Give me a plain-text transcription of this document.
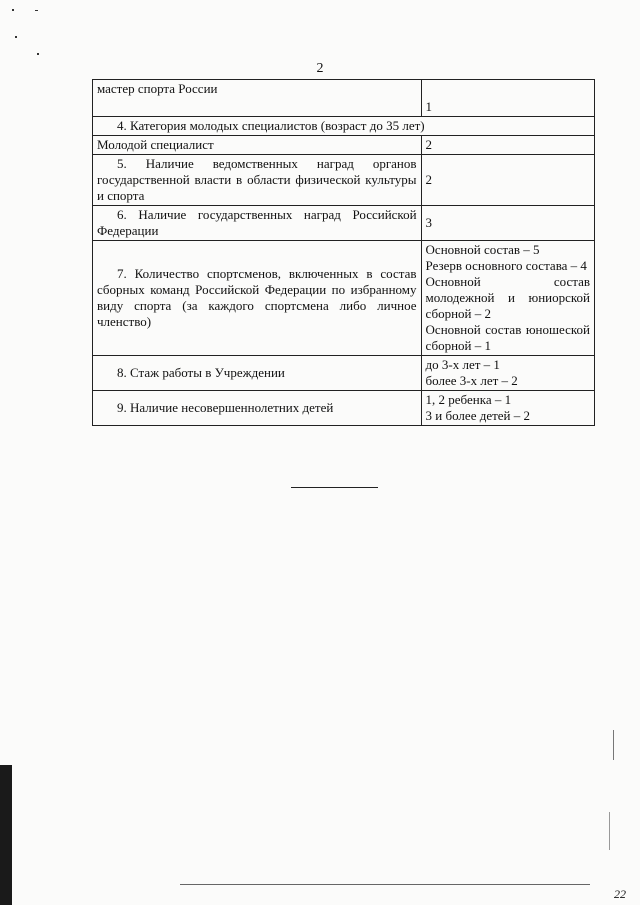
2
мастер спорта России	1

4. Категория молодых специалистов (возраст до 35 лет)	
Молодой специалист	2

5. Наличие ведомственных наград органов государственной власти в области физической культуры и спорта	2

6. Наличие государственных наград Российской Федерации	3

7. Количество спортсменов, включенных в состав сборных команд Российской Федерации по избранному виду спорта (за каждого спортсмена либо личное членство)	Основной состав – 5
Резерв основного состава – 4
Основной состав молодежной и юниорской сборной – 2
Основной состав юношеской сборной – 1

8. Стаж работы в Учреждении	до 3-х лет – 1
более 3-х лет – 2

9. Наличие несовершеннолетних детей	1, 2 ребенка – 1
3 и более детей – 2
22
